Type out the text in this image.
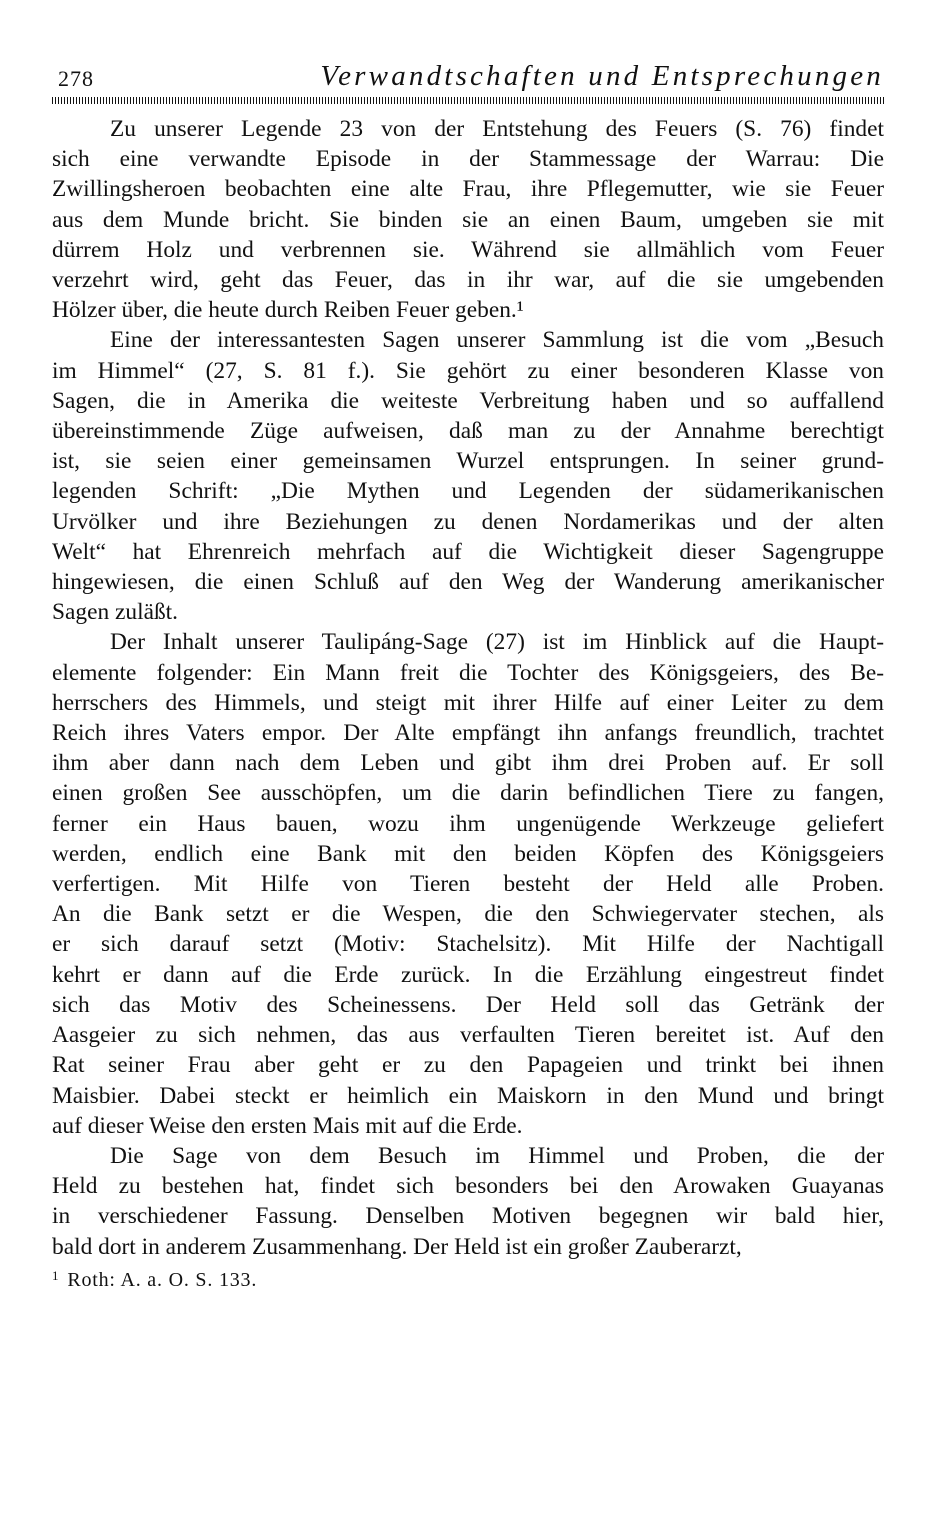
278	Verwandtschaften und Entsprechungen

Zu unserer Legende 23 von der Entstehung des Feuers (S. 76) findet
sich eine verwandte Episode in der Stammessage der Warrau: Die
Zwillingsheroen beobachten eine alte Frau, ihre Pflegemutter, wie sie Feuer
aus dem Munde bricht. Sie binden sie an einen Baum, umgeben sie mit
dürrem Holz und verbrennen sie. Während sie allmählich vom Feuer
verzehrt wird, geht das Feuer, das in ihr war, auf die sie umgebenden
Hölzer über, die heute durch Reiben Feuer geben.¹

Eine der interessantesten Sagen unserer Sammlung ist die vom „Besuch
im Himmel“ (27, S. 81 f.). Sie gehört zu einer besonderen Klasse von
Sagen, die in Amerika die weiteste Verbreitung haben und so auffallend
übereinstimmende Züge aufweisen, daß man zu der Annahme berechtigt
ist, sie seien einer gemeinsamen Wurzel entsprungen. In seiner grund-
legenden Schrift: „Die Mythen und Legenden der südamerikanischen
Urvölker und ihre Beziehungen zu denen Nordamerikas und der alten
Welt“ hat Ehrenreich mehrfach auf die Wichtigkeit dieser Sagengruppe
hingewiesen, die einen Schluß auf den Weg der Wanderung amerikanischer
Sagen zuläßt.

Der Inhalt unserer Taulipáng-Sage (27) ist im Hinblick auf die Haupt-
elemente folgender: Ein Mann freit die Tochter des Königsgeiers, des Be-
herrschers des Himmels, und steigt mit ihrer Hilfe auf einer Leiter zu dem
Reich ihres Vaters empor. Der Alte empfängt ihn anfangs freundlich, trachtet
ihm aber dann nach dem Leben und gibt ihm drei Proben auf. Er soll
einen großen See ausschöpfen, um die darin befindlichen Tiere zu fangen,
ferner ein Haus bauen, wozu ihm ungenügende Werkzeuge geliefert
werden, endlich eine Bank mit den beiden Köpfen des Königsgeiers
verfertigen. Mit Hilfe von Tieren besteht der Held alle Proben.
An die Bank setzt er die Wespen, die den Schwiegervater stechen, als
er sich darauf setzt (Motiv: Stachelsitz). Mit Hilfe der Nachtigall
kehrt er dann auf die Erde zurück. In die Erzählung eingestreut findet
sich das Motiv des Scheinessens. Der Held soll das Getränk der
Aasgeier zu sich nehmen, das aus verfaulten Tieren bereitet ist. Auf den
Rat seiner Frau aber geht er zu den Papageien und trinkt bei ihnen
Maisbier. Dabei steckt er heimlich ein Maiskorn in den Mund und bringt
auf dieser Weise den ersten Mais mit auf die Erde.

Die Sage von dem Besuch im Himmel und Proben, die der
Held zu bestehen hat, findet sich besonders bei den Arowaken Guayanas
in verschiedener Fassung. Denselben Motiven begegnen wir bald hier,
bald dort in anderem Zusammenhang. Der Held ist ein großer Zauberarzt,

$^1$ Roth: A. a. O. S. 133.
